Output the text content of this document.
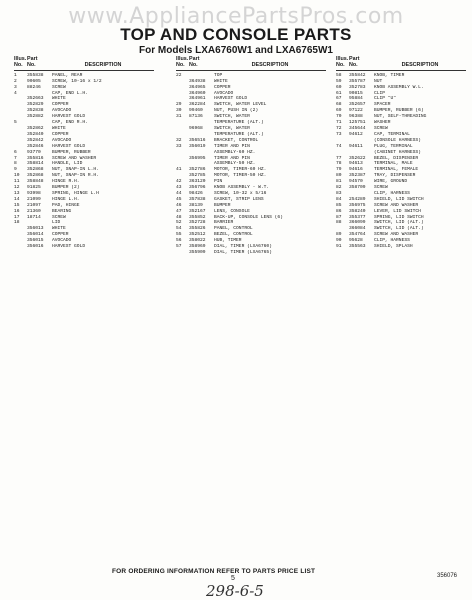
www.AppliancePartsPros.com
TOP AND CONSOLE PARTS
For Models LXA6760W1 and LXA6765W1
Illus.
No.
Part
No.
	DESCRIPTION
1	355838	PANEL, REAR
2	90605	SCREW, 10-16 x 1/2
3	88246	SCREW
4	CAP, END L.H.
352663	WHITE
352829	COPPER
352838	AVOCADO
352882	HARVEST GOLD
5	CAP, END R.H.
352862	WHITE
352840	COPPER
352842	AVOCADO
352846	HARVEST GOLD
6	93770	BUMPER, RUBBER
7	355816	SCREW AND WASHER
8	358814	HANDLE, LID
9	352868	NUT, SNAP-IN L.H.
10	352868	NUT, SNAP-IN R.H.
11	358848	HINGE R.H.
12	91825	BUMPER (2)
13	93998	SPRING, HINGE L.H
14	21099	HINGE L.H.
15	21097	PAD, HINGE
16	21360	BEARING
17	18714	SCREW
18	LID
356013	WHITE
356014	COPPER
356015	AVOCADO
356016	HARVEST GOLD
Illus.
No.
Part
No.
	DESCRIPTION
22	TOP
364938	WHITE
364965	COPPER
364960	AVOCADO
364961	HARVEST GOLD
29	362284	SWITCH, WATER LEVEL
30	99460	NUT, PUSH IN (2)
31	87136	SWITCH, WATER
TEMPERATURE (ALT.)
96968	SWITCH, WATER
TEMPERATURE (ALT.)
32	356516	BRACKET, CONTROL
33	356019	TIMER AND PIN
ASSEMBLY-60 HZ.
356995	TIMER AND PIN
ASSEMBLY-50 HZ.
41	352786	MOTOR, TIMER-60 HZ.
352785	MOTOR, TIMER-50 HZ.
42	363120	PIN
43	356796	KNOB ASSEMBLY - W.T.
44	98426	SCREW, 10-32 x 5/16
45	357838	GASKET, STRIP LENS
46	38139	BUMPER
47	352167	LENS, CONSOLE
48	355852	BACK-UP, CONSOLE LENS (6)
52	352728	BARRIER
54	355826	PANEL, CONTROL
55	352512	BEZEL, CONTROL
56	358022	HUB, TIMER
57	358969	DIAL, TIMER (LXA6760)
355909	DIAL, TIMER (LXA6765)
Illus.
No.
Part
No.
	DESCRIPTION
58	355842	KNOB, TIMER
59	355787	NUT
60	352783	KNOB ASSEMBLY W.L.
61	90815	CLIP
67	95884	CLIP "U"
68	352657	SPACER
69	97122	BUMPER, RUBBER (6)
70	96388	NUT, SELF-THREADING
71	125751	WASHER
72	345644	SCREW
73	94612	CAP, TERMINAL
(CONSOLE HARNESS)
74	94611	PLUG, TERMINAL
(CABINET HARNESS)
77	352622	BEZEL, DISPENSER
78	94613	TERMINAL, MALE
79	94616	TERMINAL, FEMALE
80	352387	TRAY, DISPENSER
81	94570	WIRE, GROUND
82	358709	SCREW
83	CLIP, HARNESS
84	254289	SHIELD, LID SWITCH
85	356975	SCREW AND WASHER
86	358240	LEVER, LID SWITCH
87	355377	SPRING, LID SWITCH
88	366099	SWITCH, LID (ALT.)
366084	SWITCH, LID (ALT.)
89	354764	SCREW AND WASHER
90	95628	CLIP, HARNESS
91	355563	SHIELD, SPLASH
FOR ORDERING INFORMATION REFER TO PARTS PRICE LIST
5	356076
298-6-5
